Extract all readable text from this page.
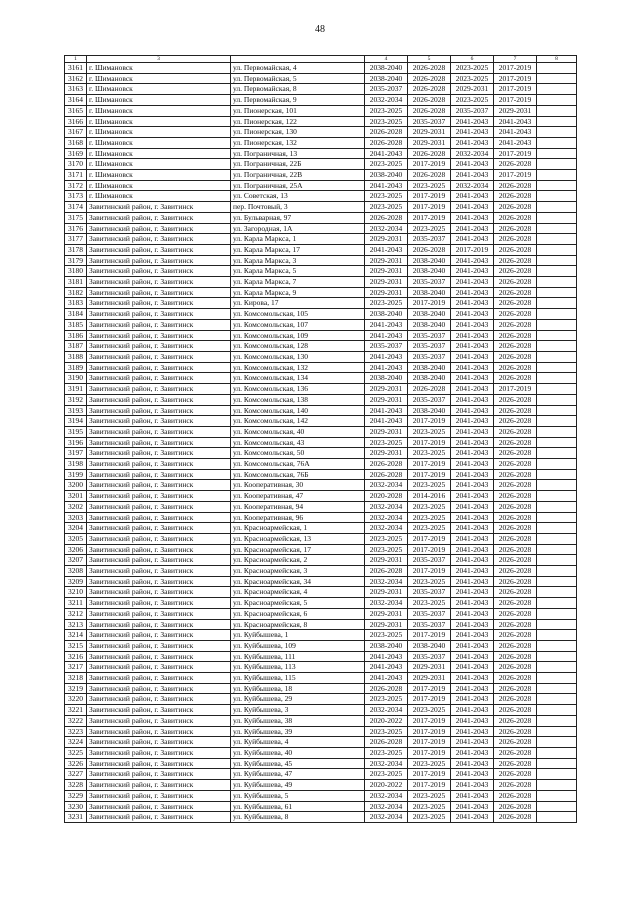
48
1	3		4	5	6	7	8
3161	г. Шимановск	ул. Первомайская, 4	2038-2040	2026-2028	2023-2025	2017-2019	
3162	г. Шимановск	ул. Первомайская, 5	2038-2040	2026-2028	2023-2025	2017-2019	
3163	г. Шимановск	ул. Первомайская, 8	2035-2037	2026-2028	2029-2031	2017-2019	
3164	г. Шимановск	ул. Первомайская, 9	2032-2034	2026-2028	2023-2025	2017-2019	
3165	г. Шимановск	ул. Пионерская, 101	2023-2025	2026-2028	2035-2037	2029-2031	
3166	г. Шимановск	ул. Пионерская, 122	2023-2025	2035-2037	2041-2043	2041-2043	
3167	г. Шимановск	ул. Пионерская, 130	2026-2028	2029-2031	2041-2043	2041-2043	
3168	г. Шимановск	ул. Пионерская, 132	2026-2028	2029-2031	2041-2043	2041-2043	
3169	г. Шимановск	ул. Пограничная, 13	2041-2043	2026-2028	2032-2034	2017-2019	
3170	г. Шимановск	ул. Пограничная, 22Б	2023-2025	2017-2019	2041-2043	2026-2028	
3171	г. Шимановск	ул. Пограничная, 22В	2038-2040	2026-2028	2041-2043	2017-2019	
3172	г. Шимановск	ул. Пограничная, 25А	2041-2043	2023-2025	2032-2034	2026-2028	
3173	г. Шимановск	ул. Советская, 13	2023-2025	2017-2019	2041-2043	2026-2028	
3174	Завитинский район, г. Завитинск	пер. Почтовый, 3	2023-2025	2017-2019	2041-2043	2026-2028	
3175	Завитинский район, г. Завитинск	ул. Бульварная, 97	2026-2028	2017-2019	2041-2043	2026-2028	
3176	Завитинский район, г. Завитинск	ул. Загородная, 1А	2032-2034	2023-2025	2041-2043	2026-2028	
3177	Завитинский район, г. Завитинск	ул. Карла Маркса, 1	2029-2031	2035-2037	2041-2043	2026-2028	
3178	Завитинский район, г. Завитинск	ул. Карла Маркса, 17	2041-2043	2026-2028	2017-2019	2026-2028	
3179	Завитинский район, г. Завитинск	ул. Карла Маркса, 3	2029-2031	2038-2040	2041-2043	2026-2028	
3180	Завитинский район, г. Завитинск	ул. Карла Маркса, 5	2029-2031	2038-2040	2041-2043	2026-2028	
3181	Завитинский район, г. Завитинск	ул. Карла Маркса, 7	2029-2031	2035-2037	2041-2043	2026-2028	
3182	Завитинский район, г. Завитинск	ул. Карла Маркса, 9	2029-2031	2038-2040	2041-2043	2026-2028	
3183	Завитинский район, г. Завитинск	ул. Кирова, 17	2023-2025	2017-2019	2041-2043	2026-2028	
3184	Завитинский район, г. Завитинск	ул. Комсомольская, 105	2038-2040	2038-2040	2041-2043	2026-2028	
3185	Завитинский район, г. Завитинск	ул. Комсомольская, 107	2041-2043	2038-2040	2041-2043	2026-2028	
3186	Завитинский район, г. Завитинск	ул. Комсомольская, 109	2041-2043	2035-2037	2041-2043	2026-2028	
3187	Завитинский район, г. Завитинск	ул. Комсомольская, 128	2035-2037	2035-2037	2041-2043	2026-2028	
3188	Завитинский район, г. Завитинск	ул. Комсомольская, 130	2041-2043	2035-2037	2041-2043	2026-2028	
3189	Завитинский район, г. Завитинск	ул. Комсомольская, 132	2041-2043	2038-2040	2041-2043	2026-2028	
3190	Завитинский район, г. Завитинск	ул. Комсомольская, 134	2038-2040	2038-2040	2041-2043	2026-2028	
3191	Завитинский район, г. Завитинск	ул. Комсомольская, 136	2029-2031	2026-2028	2041-2043	2017-2019	
3192	Завитинский район, г. Завитинск	ул. Комсомольская, 138	2029-2031	2035-2037	2041-2043	2026-2028	
3193	Завитинский район, г. Завитинск	ул. Комсомольская, 140	2041-2043	2038-2040	2041-2043	2026-2028	
3194	Завитинский район, г. Завитинск	ул. Комсомольская, 142	2041-2043	2017-2019	2041-2043	2026-2028	
3195	Завитинский район, г. Завитинск	ул. Комсомольская, 40	2029-2031	2023-2025	2041-2043	2026-2028	
3196	Завитинский район, г. Завитинск	ул. Комсомольская, 43	2023-2025	2017-2019	2041-2043	2026-2028	
3197	Завитинский район, г. Завитинск	ул. Комсомольская, 50	2029-2031	2023-2025	2041-2043	2026-2028	
3198	Завитинский район, г. Завитинск	ул. Комсомольская, 76А	2026-2028	2017-2019	2041-2043	2026-2028	
3199	Завитинский район, г. Завитинск	ул. Комсомольская, 76Б	2026-2028	2017-2019	2041-2043	2026-2028	
3200	Завитинский район, г. Завитинск	ул. Кооперативная, 30	2032-2034	2023-2025	2041-2043	2026-2028	
3201	Завитинский район, г. Завитинск	ул. Кооперативная, 47	2020-2028	2014-2016	2041-2043	2026-2028	
3202	Завитинский район, г. Завитинск	ул. Кооперативная, 94	2032-2034	2023-2025	2041-2043	2026-2028	
3203	Завитинский район, г. Завитинск	ул. Кооперативная, 96	2032-2034	2023-2025	2041-2043	2026-2028	
3204	Завитинский район, г. Завитинск	ул. Красноармейская, 1	2032-2034	2023-2025	2041-2043	2026-2028	
3205	Завитинский район, г. Завитинск	ул. Красноармейская, 13	2023-2025	2017-2019	2041-2043	2026-2028	
3206	Завитинский район, г. Завитинск	ул. Красноармейская, 17	2023-2025	2017-2019	2041-2043	2026-2028	
3207	Завитинский район, г. Завитинск	ул. Красноармейская, 2	2029-2031	2035-2037	2041-2043	2026-2028	
3208	Завитинский район, г. Завитинск	ул. Красноармейская, 3	2026-2028	2017-2019	2041-2043	2026-2028	
3209	Завитинский район, г. Завитинск	ул. Красноармейская, 34	2032-2034	2023-2025	2041-2043	2026-2028	
3210	Завитинский район, г. Завитинск	ул. Красноармейская, 4	2029-2031	2035-2037	2041-2043	2026-2028	
3211	Завитинский район, г. Завитинск	ул. Красноармейская, 5	2032-2034	2023-2025	2041-2043	2026-2028	
3212	Завитинский район, г. Завитинск	ул. Красноармейская, 6	2029-2031	2035-2037	2041-2043	2026-2028	
3213	Завитинский район, г. Завитинск	ул. Красноармейская, 8	2029-2031	2035-2037	2041-2043	2026-2028	
3214	Завитинский район, г. Завитинск	ул. Куйбышева, 1	2023-2025	2017-2019	2041-2043	2026-2028	
3215	Завитинский район, г. Завитинск	ул. Куйбышева, 109	2038-2040	2038-2040	2041-2043	2026-2028	
3216	Завитинский район, г. Завитинск	ул. Куйбышева, 111	2041-2043	2035-2037	2041-2043	2026-2028	
3217	Завитинский район, г. Завитинск	ул. Куйбышева, 113	2041-2043	2029-2031	2041-2043	2026-2028	
3218	Завитинский район, г. Завитинск	ул. Куйбышева, 115	2041-2043	2029-2031	2041-2043	2026-2028	
3219	Завитинский район, г. Завитинск	ул. Куйбышева, 18	2026-2028	2017-2019	2041-2043	2026-2028	
3220	Завитинский район, г. Завитинск	ул. Куйбышева, 29	2023-2025	2017-2019	2041-2043	2026-2028	
3221	Завитинский район, г. Завитинск	ул. Куйбышева, 3	2032-2034	2023-2025	2041-2043	2026-2028	
3222	Завитинский район, г. Завитинск	ул. Куйбышева, 38	2020-2022	2017-2019	2041-2043	2026-2028	
3223	Завитинский район, г. Завитинск	ул. Куйбышева, 39	2023-2025	2017-2019	2041-2043	2026-2028	
3224	Завитинский район, г. Завитинск	ул. Куйбышева, 4	2026-2028	2017-2019	2041-2043	2026-2028	
3225	Завитинский район, г. Завитинск	ул. Куйбышева, 40	2023-2025	2017-2019	2041-2043	2026-2028	
3226	Завитинский район, г. Завитинск	ул. Куйбышева, 45	2032-2034	2023-2025	2041-2043	2026-2028	
3227	Завитинский район, г. Завитинск	ул. Куйбышева, 47	2023-2025	2017-2019	2041-2043	2026-2028	
3228	Завитинский район, г. Завитинск	ул. Куйбышева, 49	2020-2022	2017-2019	2041-2043	2026-2028	
3229	Завитинский район, г. Завитинск	ул. Куйбышева, 5	2032-2034	2023-2025	2041-2043	2026-2028	
3230	Завитинский район, г. Завитинск	ул. Куйбышева, 61	2032-2034	2023-2025	2041-2043	2026-2028	
3231	Завитинский район, г. Завитинск	ул. Куйбышева, 8	2032-2034	2023-2025	2041-2043	2026-2028	
